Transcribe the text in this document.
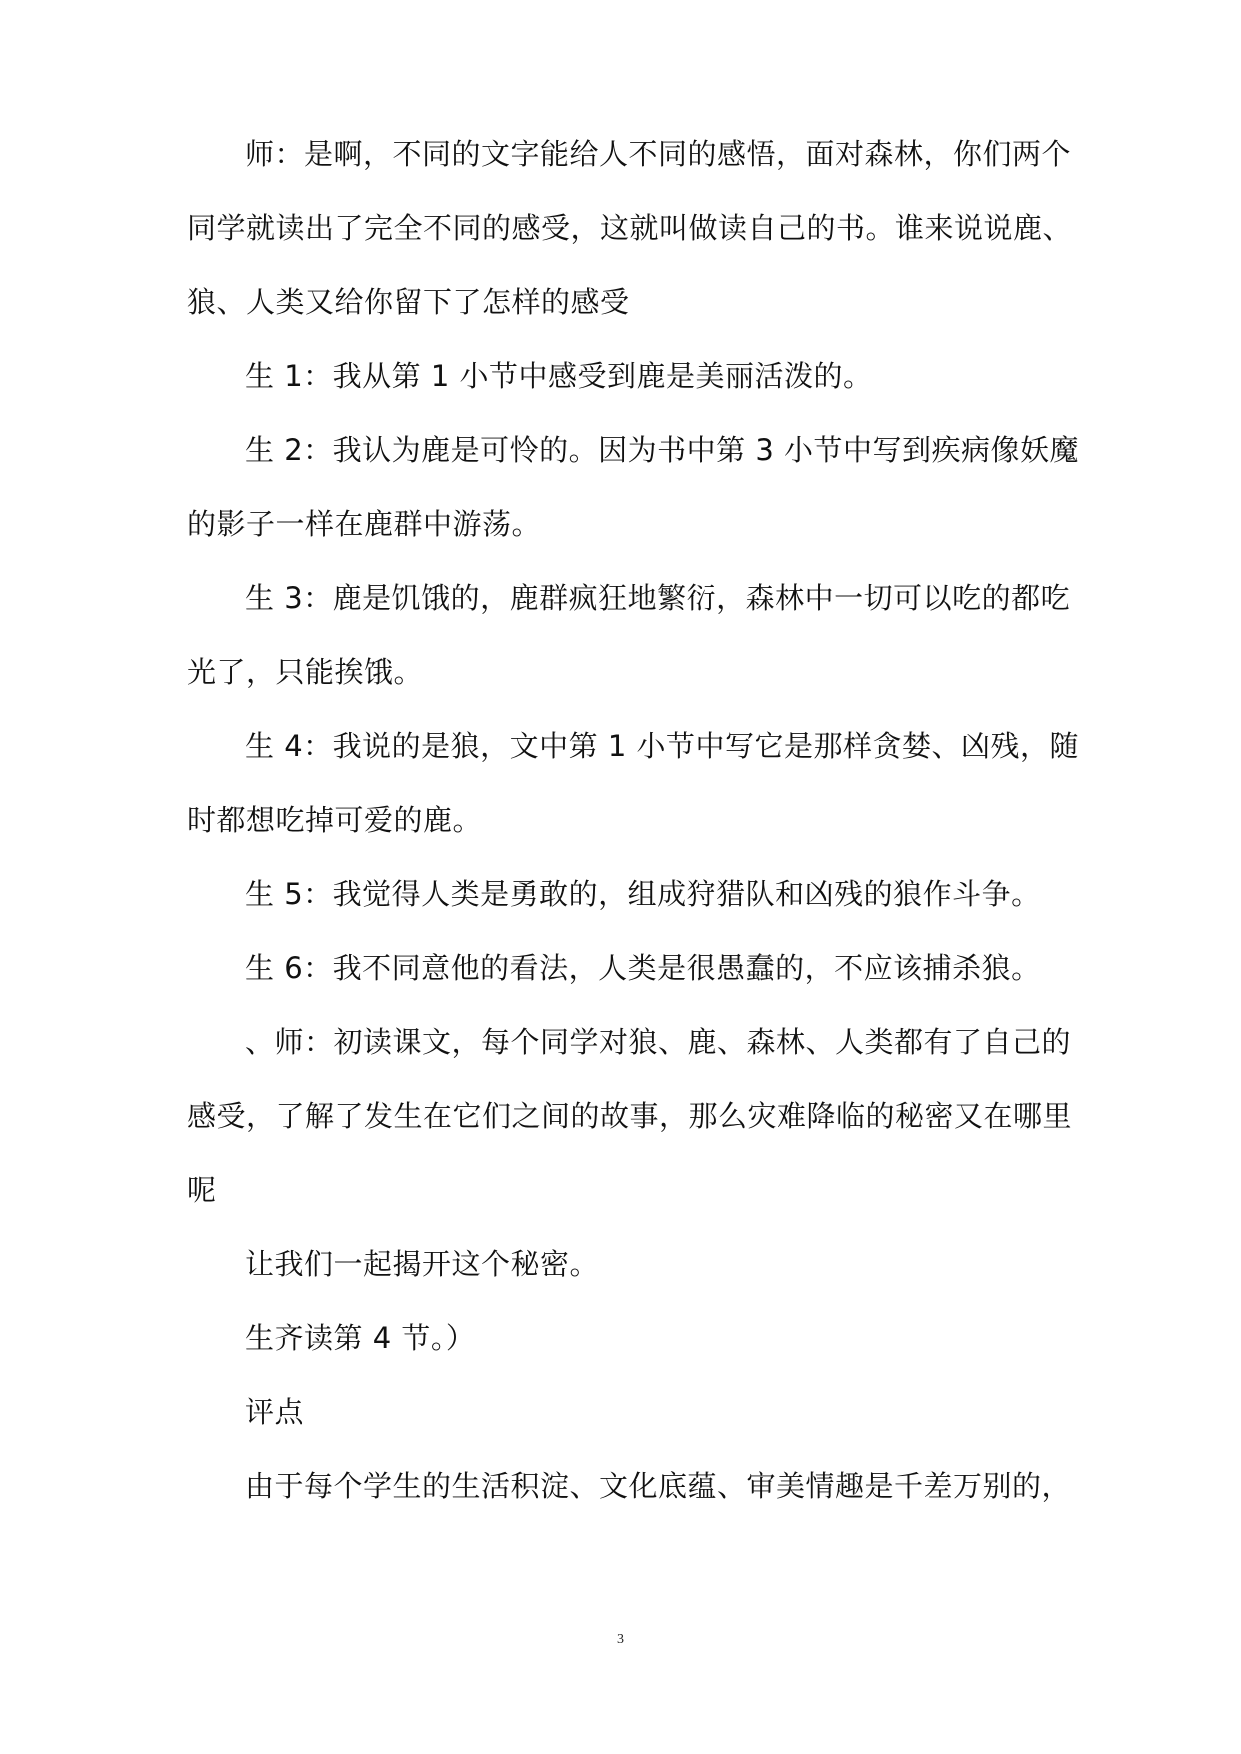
师：是啊，不同的文字能给人不同的感悟，面对森林，你们两个
同学就读出了完全不同的感受，这就叫做读自己的书。谁来说说鹿、
狼、人类又给你留下了怎样的感受
生 1：我从第 1 小节中感受到鹿是美丽活泼的。
生 2：我认为鹿是可怜的。因为书中第 3 小节中写到疾病像妖魔
的影子一样在鹿群中游荡。
生 3：鹿是饥饿的，鹿群疯狂地繁衍，森林中一切可以吃的都吃
光了，只能挨饿。
生 4：我说的是狼，文中第 1 小节中写它是那样贪婪、凶残，随
时都想吃掉可爱的鹿。
生 5：我觉得人类是勇敢的，组成狩猎队和凶残的狼作斗争。
生 6：我不同意他的看法，人类是很愚蠢的，不应该捕杀狼。
、师：初读课文，每个同学对狼、鹿、森林、人类都有了自己的
感受，了解了发生在它们之间的故事，那么灾难降临的秘密又在哪里
呢
让我们一起揭开这个秘密。
生齐读第 4 节。）
评点
由于每个学生的生活积淀、文化底蕴、审美情趣是千差万别的，
3
